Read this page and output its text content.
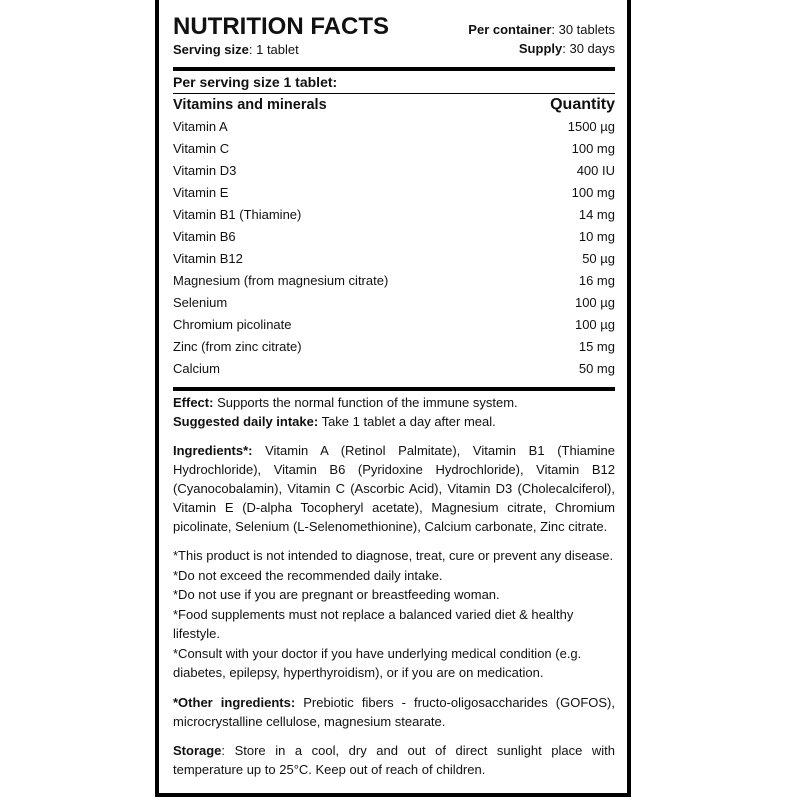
NUTRITION FACTS
Serving size: 1 tablet
Per container: 30 tablets
Supply: 30 days
Per serving size 1 tablet:
Vitamins and minerals	Quantity
Vitamin A	1500 µg
Vitamin C	100 mg
Vitamin D3	400 IU
Vitamin E	100 mg
Vitamin B1 (Thiamine)	14 mg
Vitamin B6	10 mg
Vitamin B12	50 µg
Magnesium (from magnesium citrate)	16 mg
Selenium	100 µg
Chromium picolinate	100 µg
Zinc (from zinc citrate)	15 mg
Calcium	50 mg
Effect: Supports the normal function of the immune system.
Suggested daily intake: Take 1 tablet a day after meal.

Ingredients*: Vitamin A (Retinol Palmitate), Vitamin B1 (Thiamine Hydrochloride), Vitamin B6 (Pyridoxine Hydrochloride), Vitamin B12 (Cyanocobalamin), Vitamin C (Ascorbic Acid), Vitamin D3 (Cholecalciferol), Vitamin E (D-alpha Tocopheryl acetate), Magnesium citrate, Chromium picolinate, Selenium (L-Selenomethionine), Calcium carbonate, Zinc citrate.

*This product is not intended to diagnose, treat, cure or prevent any disease.
*Do not exceed the recommended daily intake.
*Do not use if you are pregnant or breastfeeding woman.
*Food supplements must not replace a balanced varied diet & healthy lifestyle.
*Consult with your doctor if you have underlying medical condition (e.g. diabetes, epilepsy, hyperthyroidism), or if you are on medication.

*Other ingredients: Prebiotic fibers - fructo-oligosaccharides (GOFOS), microcrystalline cellulose, magnesium stearate.

Storage: Store in a cool, dry and out of direct sunlight place with temperature up to 25°C. Keep out of reach of children.
